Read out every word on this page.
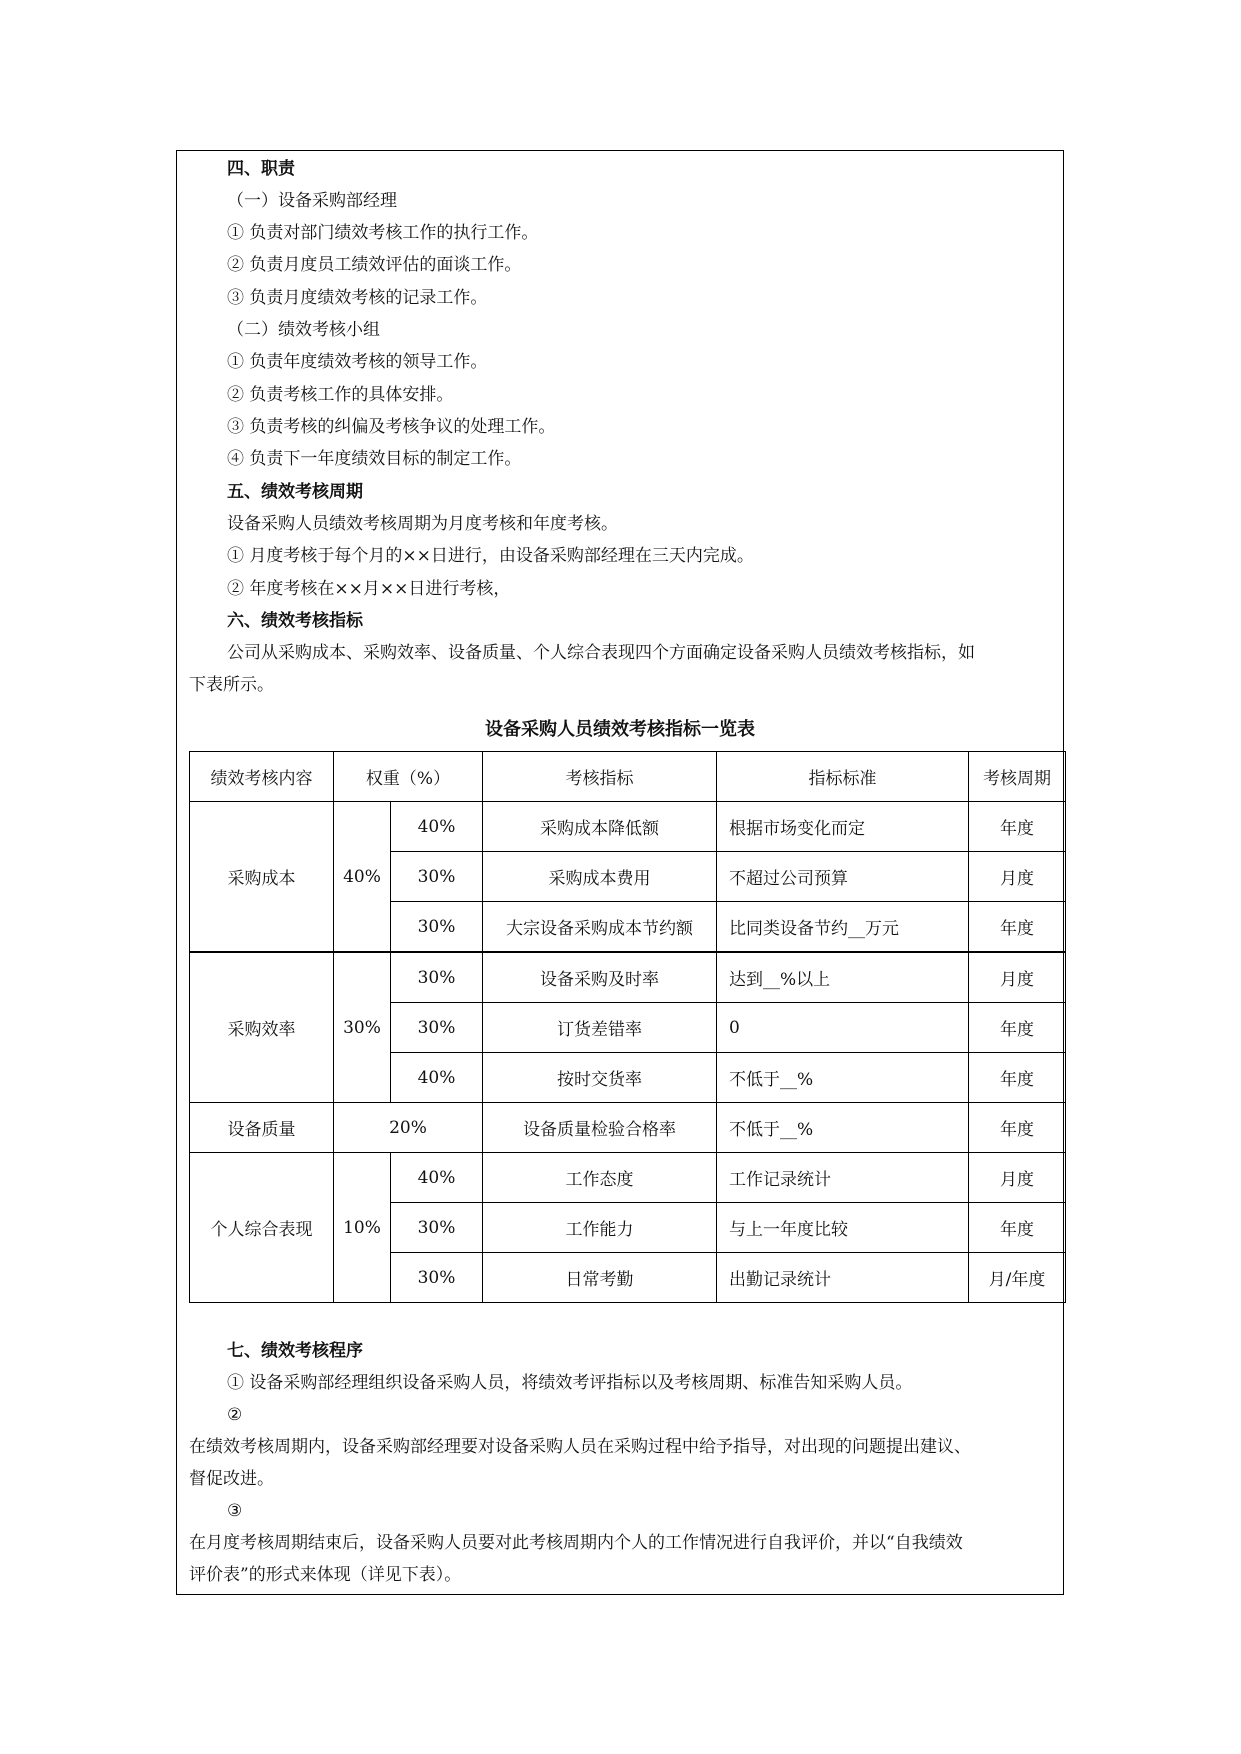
四、职责
（一）设备采购部经理
① 负责对部门绩效考核工作的执行工作。
② 负责月度员工绩效评估的面谈工作。
③ 负责月度绩效考核的记录工作。
（二）绩效考核小组
① 负责年度绩效考核的领导工作。
② 负责考核工作的具体安排。
③ 负责考核的纠偏及考核争议的处理工作。
④ 负责下一年度绩效目标的制定工作。
五、绩效考核周期
设备采购人员绩效考核周期为月度考核和年度考核。
① 月度考核于每个月的××日进行，由设备采购部经理在三天内完成。
② 年度考核在××月××日进行考核，
六、绩效考核指标
公司从采购成本、采购效率、设备质量、个人综合表现四个方面确定设备采购人员绩效考核指标，如
下表所示。
设备采购人员绩效考核指标一览表
绩效考核内容	权重（%）		考核指标	指标标准	考核周期
采购成本	40%	40%	采购成本降低额	根据市场变化而定	年度
		30%	采购成本费用	不超过公司预算	月度
		30%	大宗设备采购成本节约额	比同类设备节约__万元	年度
采购效率	30%	30%	设备采购及时率	达到__%以上	月度
		30%	订货差错率	0	年度
		40%	按时交货率	不低于__%	年度
设备质量	20%		设备质量检验合格率	不低于__%	年度
个人综合表现	10%	40%	工作态度	工作记录统计	月度
		30%	工作能力	与上一年度比较	年度
		30%	日常考勤	出勤记录统计	月/年度
七、绩效考核程序
① 设备采购部经理组织设备采购人员，将绩效考评指标以及考核周期、标准告知采购人员。
②
在绩效考核周期内，设备采购部经理要对设备采购人员在采购过程中给予指导，对出现的问题提出建议、
督促改进。
③
在月度考核周期结束后，设备采购人员要对此考核周期内个人的工作情况进行自我评价，并以“自我绩效
评价表”的形式来体现（详见下表）。
